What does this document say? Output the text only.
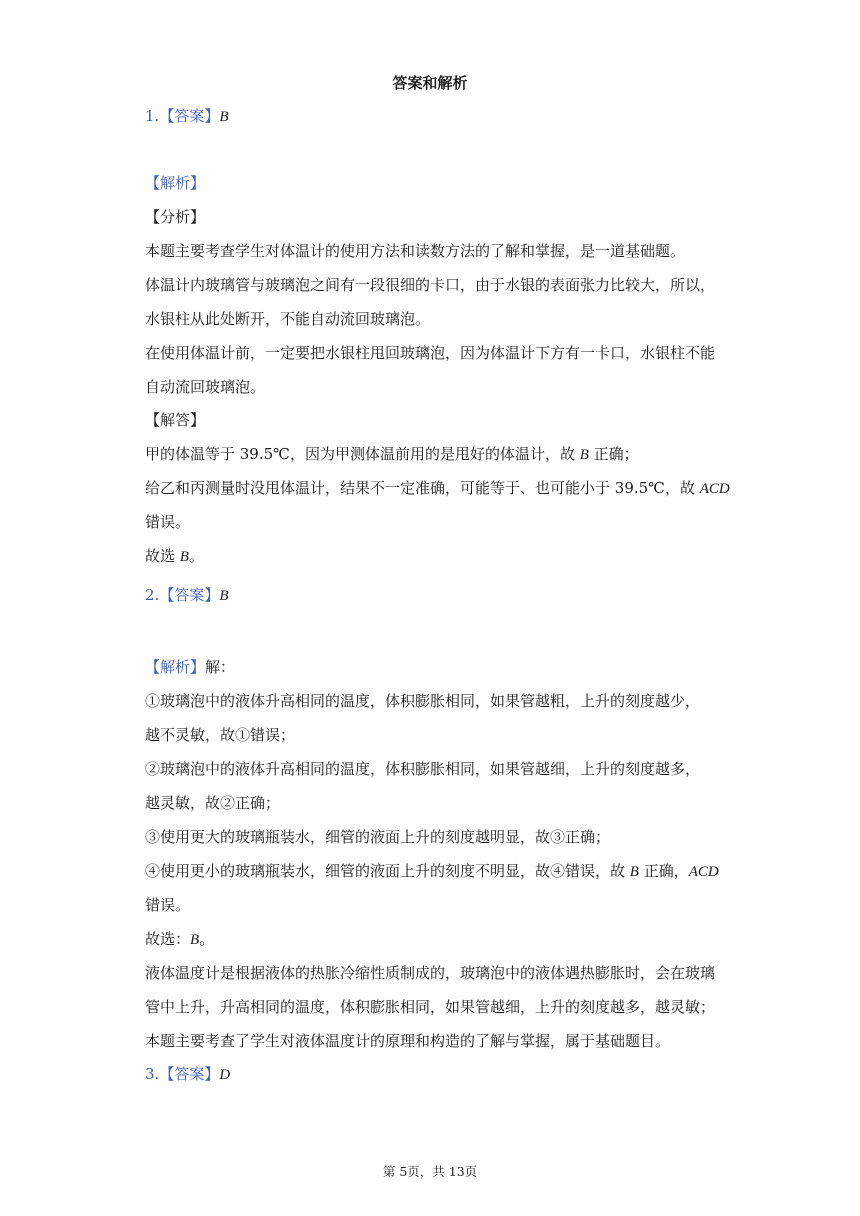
答案和解析
1.【答案】B
【解析】
【分析】
本题主要考查学生对体温计的使用方法和读数方法的了解和掌握，是一道基础题。
体温计内玻璃管与玻璃泡之间有一段很细的卡口，由于水银的表面张力比较大，所以，
水银柱从此处断开，不能自动流回玻璃泡。
在使用体温计前，一定要把水银柱甩回玻璃泡，因为体温计下方有一卡口，水银柱不能
自动流回玻璃泡。
【解答】
甲的体温等于 39.5℃，因为甲测体温前用的是甩好的体温计，故 B 正确；
给乙和丙测量时没甩体温计，结果不一定准确，可能等于、也可能小于 39.5℃，故 ACD
错误。
故选 B。
2.【答案】B
【解析】解：
①玻璃泡中的液体升高相同的温度，体积膨胀相同，如果管越粗，上升的刻度越少，
越不灵敏，故①错误；
②玻璃泡中的液体升高相同的温度，体积膨胀相同，如果管越细，上升的刻度越多，
越灵敏，故②正确；
③使用更大的玻璃瓶装水，细管的液面上升的刻度越明显，故③正确；
④使用更小的玻璃瓶装水，细管的液面上升的刻度不明显，故④错误，故 B 正确，ACD
错误。
故选：B。
液体温度计是根据液体的热胀冷缩性质制成的，玻璃泡中的液体遇热膨胀时，会在玻璃
管中上升，升高相同的温度，体积膨胀相同，如果管越细，上升的刻度越多，越灵敏；
本题主要考查了学生对液体温度计的原理和构造的了解与掌握，属于基础题目。
3.【答案】D
第 5页，共 13页
